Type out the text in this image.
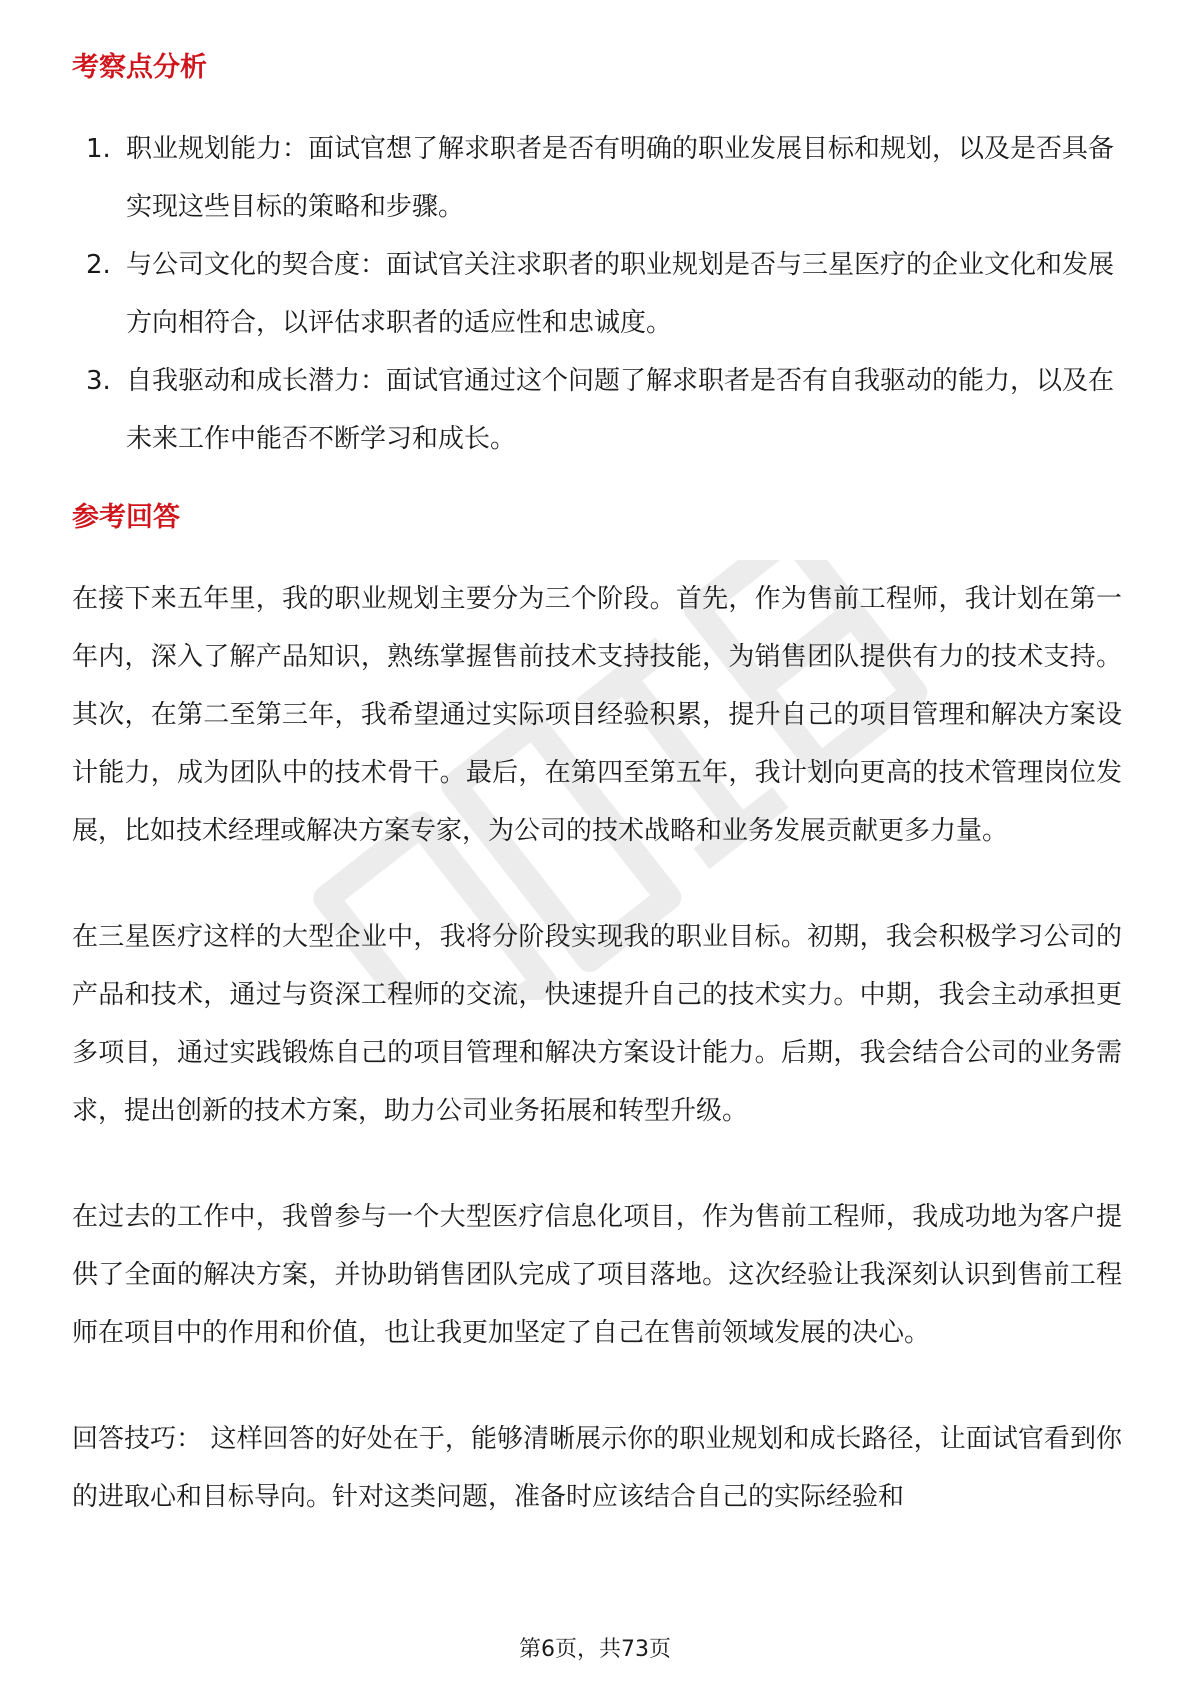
考察点分析
1. 职业规划能力：面试官想了解求职者是否有明确的职业发展目标和规划，以及是否具备实现这些目标的策略和步骤。
2. 与公司文化的契合度：面试官关注求职者的职业规划是否与三星医疗的企业文化和发展方向相符合，以评估求职者的适应性和忠诚度。
3. 自我驱动和成长潜力：面试官通过这个问题了解求职者是否有自我驱动的能力，以及在未来工作中能否不断学习和成长。
参考回答

在接下来五年里，我的职业规划主要分为三个阶段。首先，作为售前工程师，我计划在第一年内，深入了解产品知识，熟练掌握售前技术支持技能，为销售团队提供有力的技术支持。其次，在第二至第三年，我希望通过实际项目经验积累，提升自己的项目管理和解决方案设计能力，成为团队中的技术骨干。最后，在第四至第五年，我计划向更高的技术管理岗位发展，比如技术经理或解决方案专家，为公司的技术战略和业务发展贡献更多力量。

在三星医疗这样的大型企业中，我将分阶段实现我的职业目标。初期，我会积极学习公司的产品和技术，通过与资深工程师的交流，快速提升自己的技术实力。中期，我会主动承担更多项目，通过实践锻炼自己的项目管理和解决方案设计能力。后期，我会结合公司的业务需求，提出创新的技术方案，助力公司业务拓展和转型升级。

在过去的工作中，我曾参与一个大型医疗信息化项目，作为售前工程师，我成功地为客户提供了全面的解决方案，并协助销售团队完成了项目落地。这次经验让我深刻认识到售前工程师在项目中的作用和价值，也让我更加坚定了自己在售前领域发展的决心。

回答技巧： 这样回答的好处在于，能够清晰展示你的职业规划和成长路径，让面试官看到你的进取心和目标导向。针对这类问题，准备时应该结合自己的实际经验和

第6页，共73页
